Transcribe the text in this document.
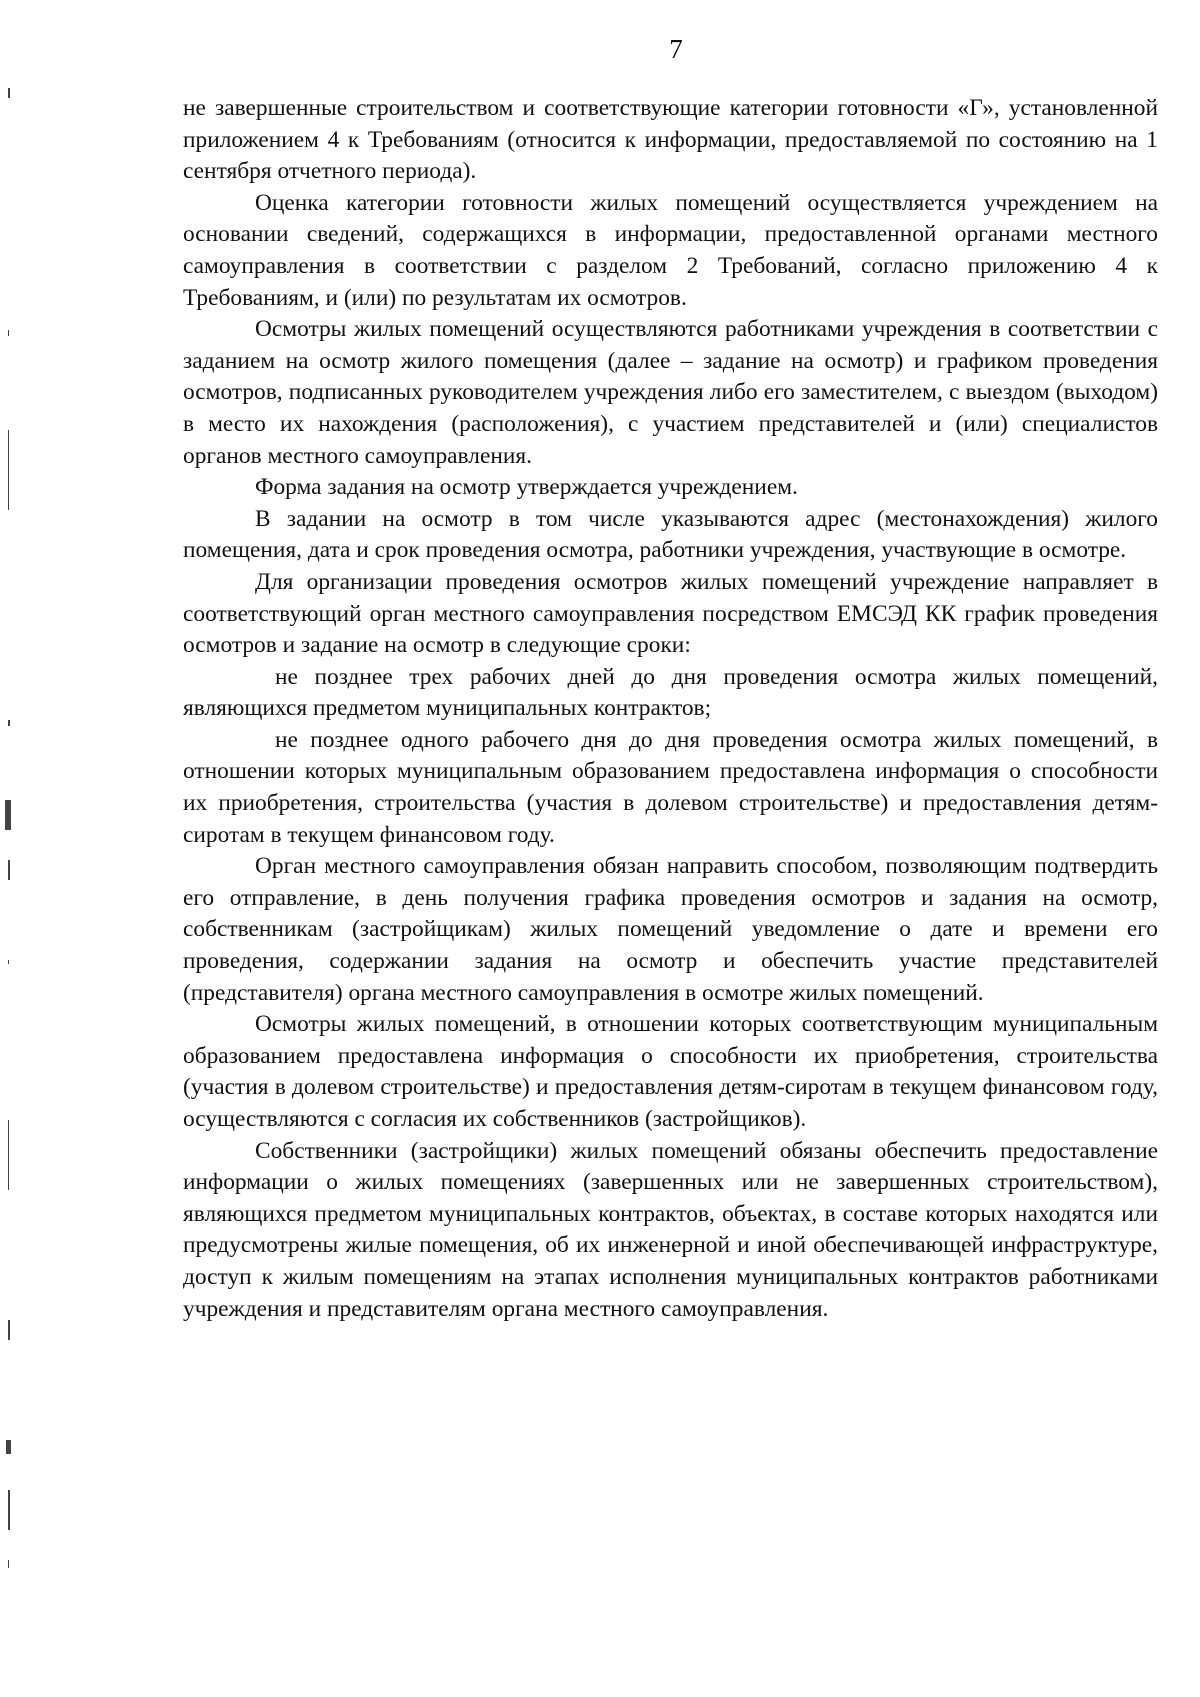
7

не завершенные строительством и соответствующие категории готовности «Г», установленной приложением 4 к Требованиям (относится к информации, предоставляемой по состоянию на 1 сентября отчетного периода).

Оценка категории готовности жилых помещений осуществляется учреждением на основании сведений, содержащихся в информации, предоставленной органами местного самоуправления в соответствии с разделом 2 Требований, согласно приложению 4 к Требованиям, и (или) по результатам их осмотров.

Осмотры жилых помещений осуществляются работниками учреждения в соответствии с заданием на осмотр жилого помещения (далее – задание на осмотр) и графиком проведения осмотров, подписанных руководителем учреждения либо его заместителем, с выездом (выходом) в место их нахождения (расположения), с участием представителей и (или) специалистов органов местного самоуправления.

Форма задания на осмотр утверждается учреждением.

В задании на осмотр в том числе указываются адрес (местонахождения) жилого помещения, дата и срок проведения осмотра, работники учреждения, участвующие в осмотре.

Для организации проведения осмотров жилых помещений учреждение направляет в соответствующий орган местного самоуправления посредством ЕМСЭД КК график проведения осмотров и задание на осмотр в следующие сроки:

не позднее трех рабочих дней до дня проведения осмотра жилых помещений, являющихся предметом муниципальных контрактов;

не позднее одного рабочего дня до дня проведения осмотра жилых помещений, в отношении которых муниципальным образованием предоставлена информация о способности их приобретения, строительства (участия в долевом строительстве) и предоставления детям-сиротам в текущем финансовом году.

Орган местного самоуправления обязан направить способом, позволяющим подтвердить его отправление, в день получения графика проведения осмотров и задания на осмотр, собственникам (застройщикам) жилых помещений уведомление о дате и времени его проведения, содержании задания на осмотр и обеспечить участие представителей (представителя) органа местного самоуправления в осмотре жилых помещений.

Осмотры жилых помещений, в отношении которых соответствующим муниципальным образованием предоставлена информация о способности их приобретения, строительства (участия в долевом строительстве) и предоставления детям-сиротам в текущем финансовом году, осуществляются с согласия их собственников (застройщиков).

Собственники (застройщики) жилых помещений обязаны обеспечить предоставление информации о жилых помещениях (завершенных или не завершенных строительством), являющихся предметом муниципальных контрактов, объектах, в составе которых находятся или предусмотрены жилые помещения, об их инженерной и иной обеспечивающей инфраструктуре, доступ к жилым помещениям на этапах исполнения муниципальных контрактов работниками учреждения и представителям органа местного самоуправления.
